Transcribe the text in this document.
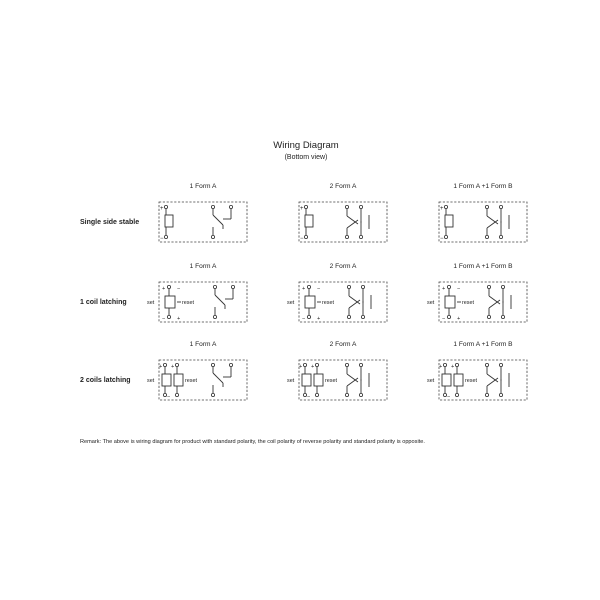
Wiring Diagram
(Bottom view)
Single side stable
1 Form A
+
−
2 Form A
+
−
1 Form A +1 Form B
+
−
1 coil latching
1 Form A
set
+ −
reset
− +
2 Form A
set
+ −
reset
− +
1 Form A +1 Form B
set
+ −
reset
− +
2 coils latching
1 Form A
set
+ +
reset
−
2 Form A
set
+ +
reset
−
1 Form A +1 Form B
set
+ +
reset
−
Remark: The above is wiring diagram for product with standard polarity, the coil polarity of reverse polarity and standard polarity is opposite.
